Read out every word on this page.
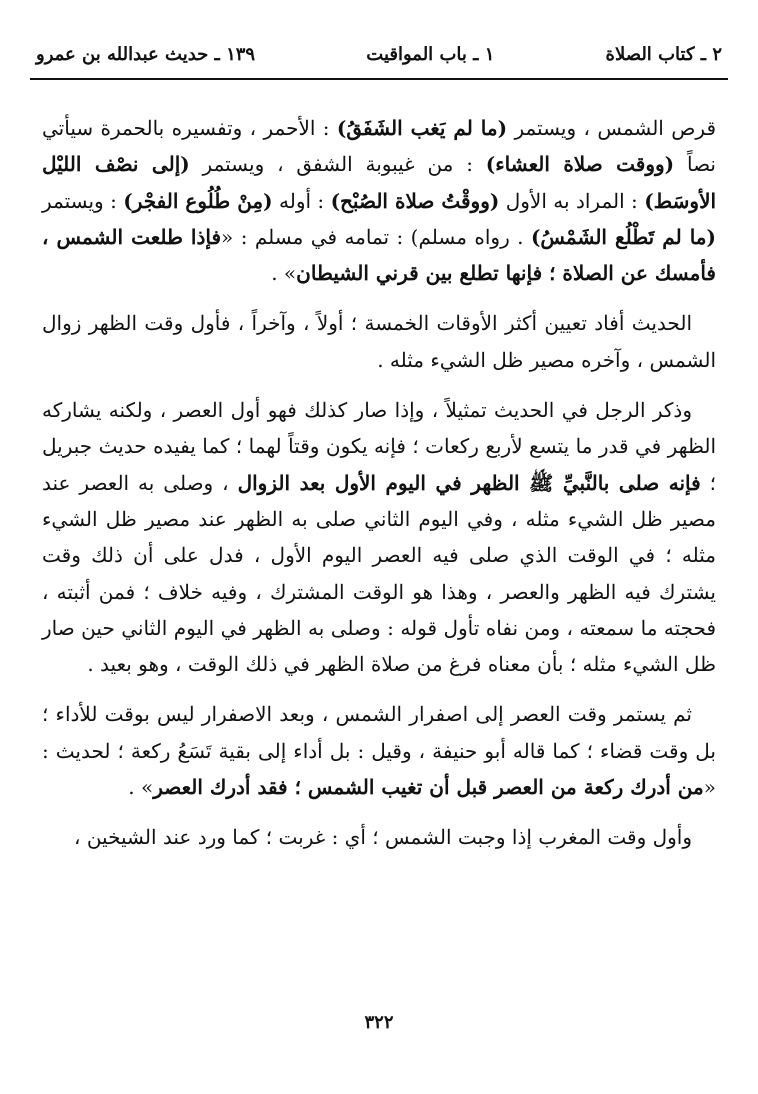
٢ ـ كتاب الصلاة
١ ـ باب المواقيت
١٣٩ ـ حديث عبدالله بن عمرو

قرص الشمس ، ويستمر (ما لم يَغب الشَفَقُ) : الأحمر ، وتفسيره بالحمرة سيأتي نصاً (ووقت صلاة العشاء) : من غيبوبة الشفق ، ويستمر (إلى نصْف الليْل الأوسَط) : المراد به الأول (ووقْتُ صلاة الصُبْح) : أوله (مِنْ طُلُوع الفجْر) : ويستمر (ما لم تَطْلُع الشَمْسُ) . رواه مسلم) : تمامه في مسلم : «فإذا طلعت الشمس ، فأمسك عن الصلاة ؛ فإنها تطلع بين قرني الشيطان» .

الحديث أفاد تعيين أكثر الأوقات الخمسة ؛ أولاً ، وآخراً ، فأول وقت الظهر زوال الشمس ، وآخره مصير ظل الشيء مثله .

وذكر الرجل في الحديث تمثيلاً ، وإذا صار كذلك فهو أول العصر ، ولكنه يشاركه الظهر في قدر ما يتسع لأربع ركعات ؛ فإنه يكون وقتاً لهما ؛ كما يفيده حديث جبريل ؛ فإنه صلى بالنَّبيِّ ﷺ الظهر في اليوم الأول بعد الزوال ، وصلى به العصر عند مصير ظل الشيء مثله ، وفي اليوم الثاني صلى به الظهر عند مصير ظل الشيء مثله ؛ في الوقت الذي صلى فيه العصر اليوم الأول ، فدل على أن ذلك وقت يشترك فيه الظهر والعصر ، وهذا هو الوقت المشترك ، وفيه خلاف ؛ فمن أثبته ، فحجته ما سمعته ، ومن نفاه تأول قوله : وصلى به الظهر في اليوم الثاني حين صار ظل الشيء مثله ؛ بأن معناه فرغ من صلاة الظهر في ذلك الوقت ، وهو بعيد .

ثم يستمر وقت العصر إلى اصفرار الشمس ، وبعد الاصفرار ليس بوقت للأداء ؛ بل وقت قضاء ؛ كما قاله أبو حنيفة ، وقيل : بل أداء إلى بقية تَسَعُ ركعة ؛ لحديث : «من أدرك ركعة من العصر قبل أن تغيب الشمس ؛ فقد أدرك العصر» .

وأول وقت المغرب إذا وجبت الشمس ؛ أي : غربت ؛ كما ورد عند الشيخين ،

٣٢٢
